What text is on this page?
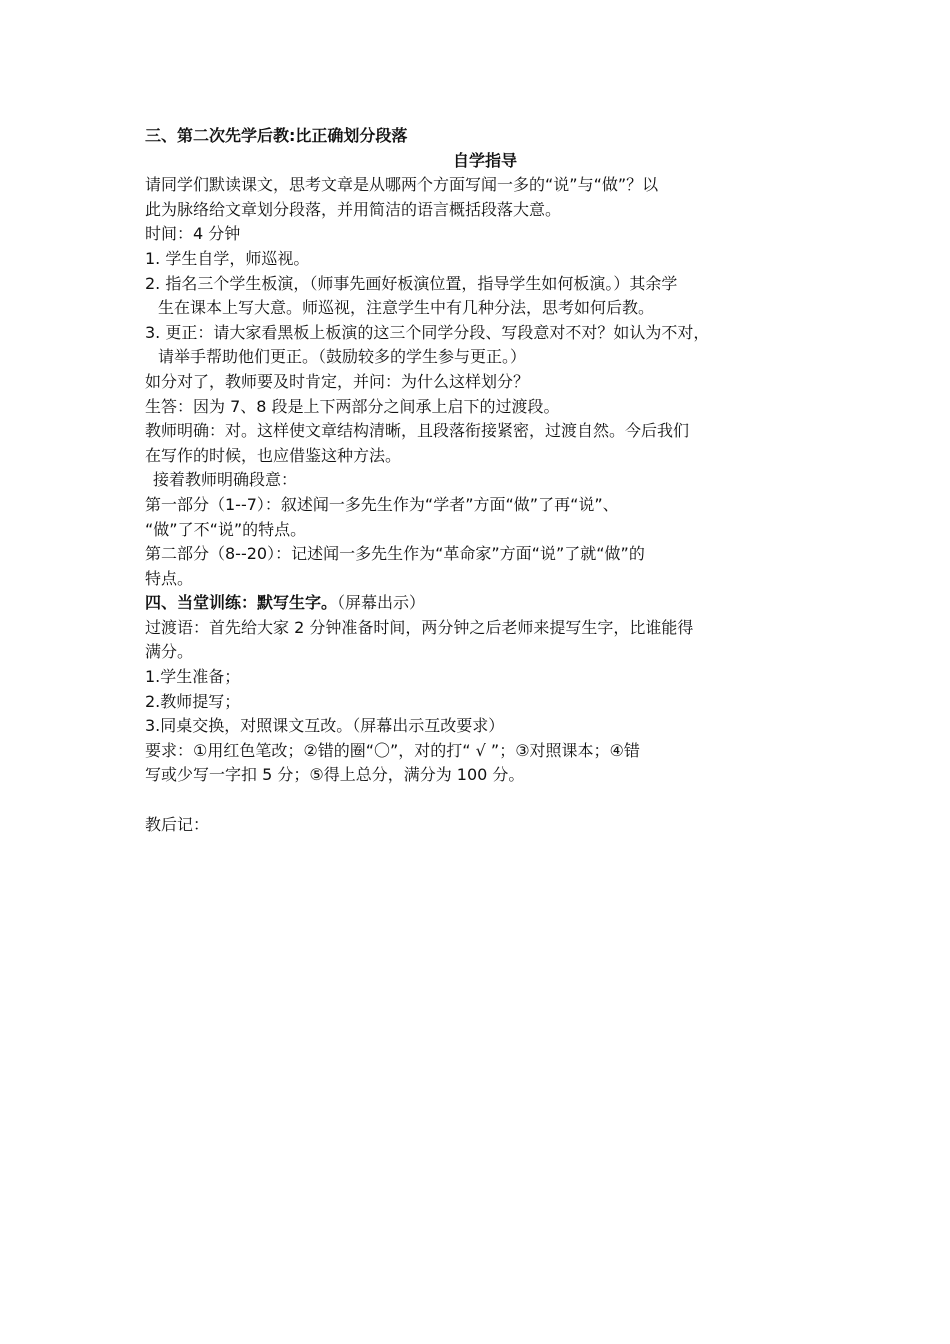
三、第二次先学后教:比正确划分段落
自学指导
请同学们默读课文，思考文章是从哪两个方面写闻一多的“说”与“做”？以
此为脉络给文章划分段落，并用简洁的语言概括段落大意。
时间：4 分钟
1. 学生自学，师巡视。
2. 指名三个学生板演，（师事先画好板演位置，指导学生如何板演。）其余学
生在课本上写大意。师巡视，注意学生中有几种分法，思考如何后教。
3. 更正：请大家看黑板上板演的这三个同学分段、写段意对不对？如认为不对，
请举手帮助他们更正。（鼓励较多的学生参与更正。）
如分对了，教师要及时肯定，并问：为什么这样划分？
生答：因为 7、8 段是上下两部分之间承上启下的过渡段。
教师明确：对。这样使文章结构清晰，且段落衔接紧密，过渡自然。今后我们
在写作的时候，也应借鉴这种方法。
接着教师明确段意：
第一部分（1--7）：叙述闻一多先生作为“学者”方面“做”了再“说”、
“做”了不“说”的特点。
第二部分（8--20）：记述闻一多先生作为“革命家”方面“说”了就“做”的
特点。
四、当堂训练：默写生字。（屏幕出示）
过渡语：首先给大家 2 分钟准备时间，两分钟之后老师来提写生字，比谁能得
满分。
1.学生准备；
2.教师提写；
3.同桌交换，对照课文互改。（屏幕出示互改要求）
要求：①用红色笔改；②错的圈“〇”，对的打“ √ ”；③对照课本；④错
写或少写一字扣 5 分；⑤得上总分，满分为 100 分。
教后记：
